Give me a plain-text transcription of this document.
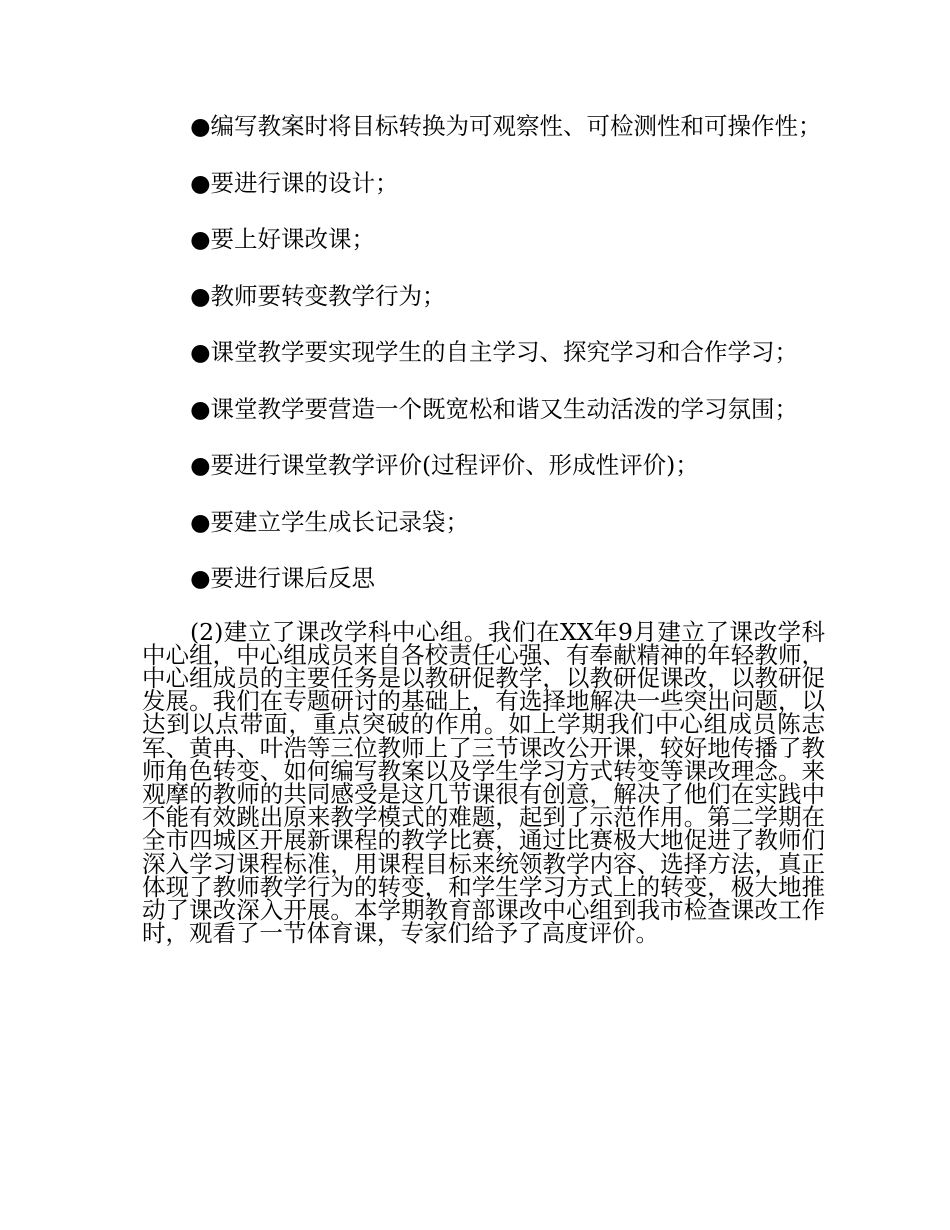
●编写教案时将目标转换为可观察性、可检测性和可操作性；

●要进行课的设计；

●要上好课改课；

●教师要转变教学行为；

●课堂教学要实现学生的自主学习、探究学习和合作学习；

●课堂教学要营造一个既宽松和谐又生动活泼的学习氛围；

●要进行课堂教学评价(过程评价、形成性评价)；

●要建立学生成长记录袋；

●要进行课后反思

(2)建立了课改学科中心组。我们在XX年9月建立了课改学科中心组，中心组成员来自各校责任心强、有奉献精神的年轻教师，中心组成员的主要任务是以教研促教学，以教研促课改，以教研促发展。我们在专题研讨的基础上，有选择地解决一些突出问题，以达到以点带面，重点突破的作用。如上学期我们中心组成员陈志军、黄冉、叶浩等三位教师上了三节课改公开课，较好地传播了教师角色转变、如何编写教案以及学生学习方式转变等课改理念。来观摩的教师的共同感受是这几节课很有创意，解决了他们在实践中不能有效跳出原来教学模式的难题，起到了示范作用。第二学期在全市四城区开展新课程的教学比赛，通过比赛极大地促进了教师们深入学习课程标准，用课程目标来统领教学内容、选择方法，真正体现了教师教学行为的转变，和学生学习方式上的转变，极大地推动了课改深入开展。本学期教育部课改中心组到我市检查课改工作时，观看了一节体育课，专家们给予了高度评价。
